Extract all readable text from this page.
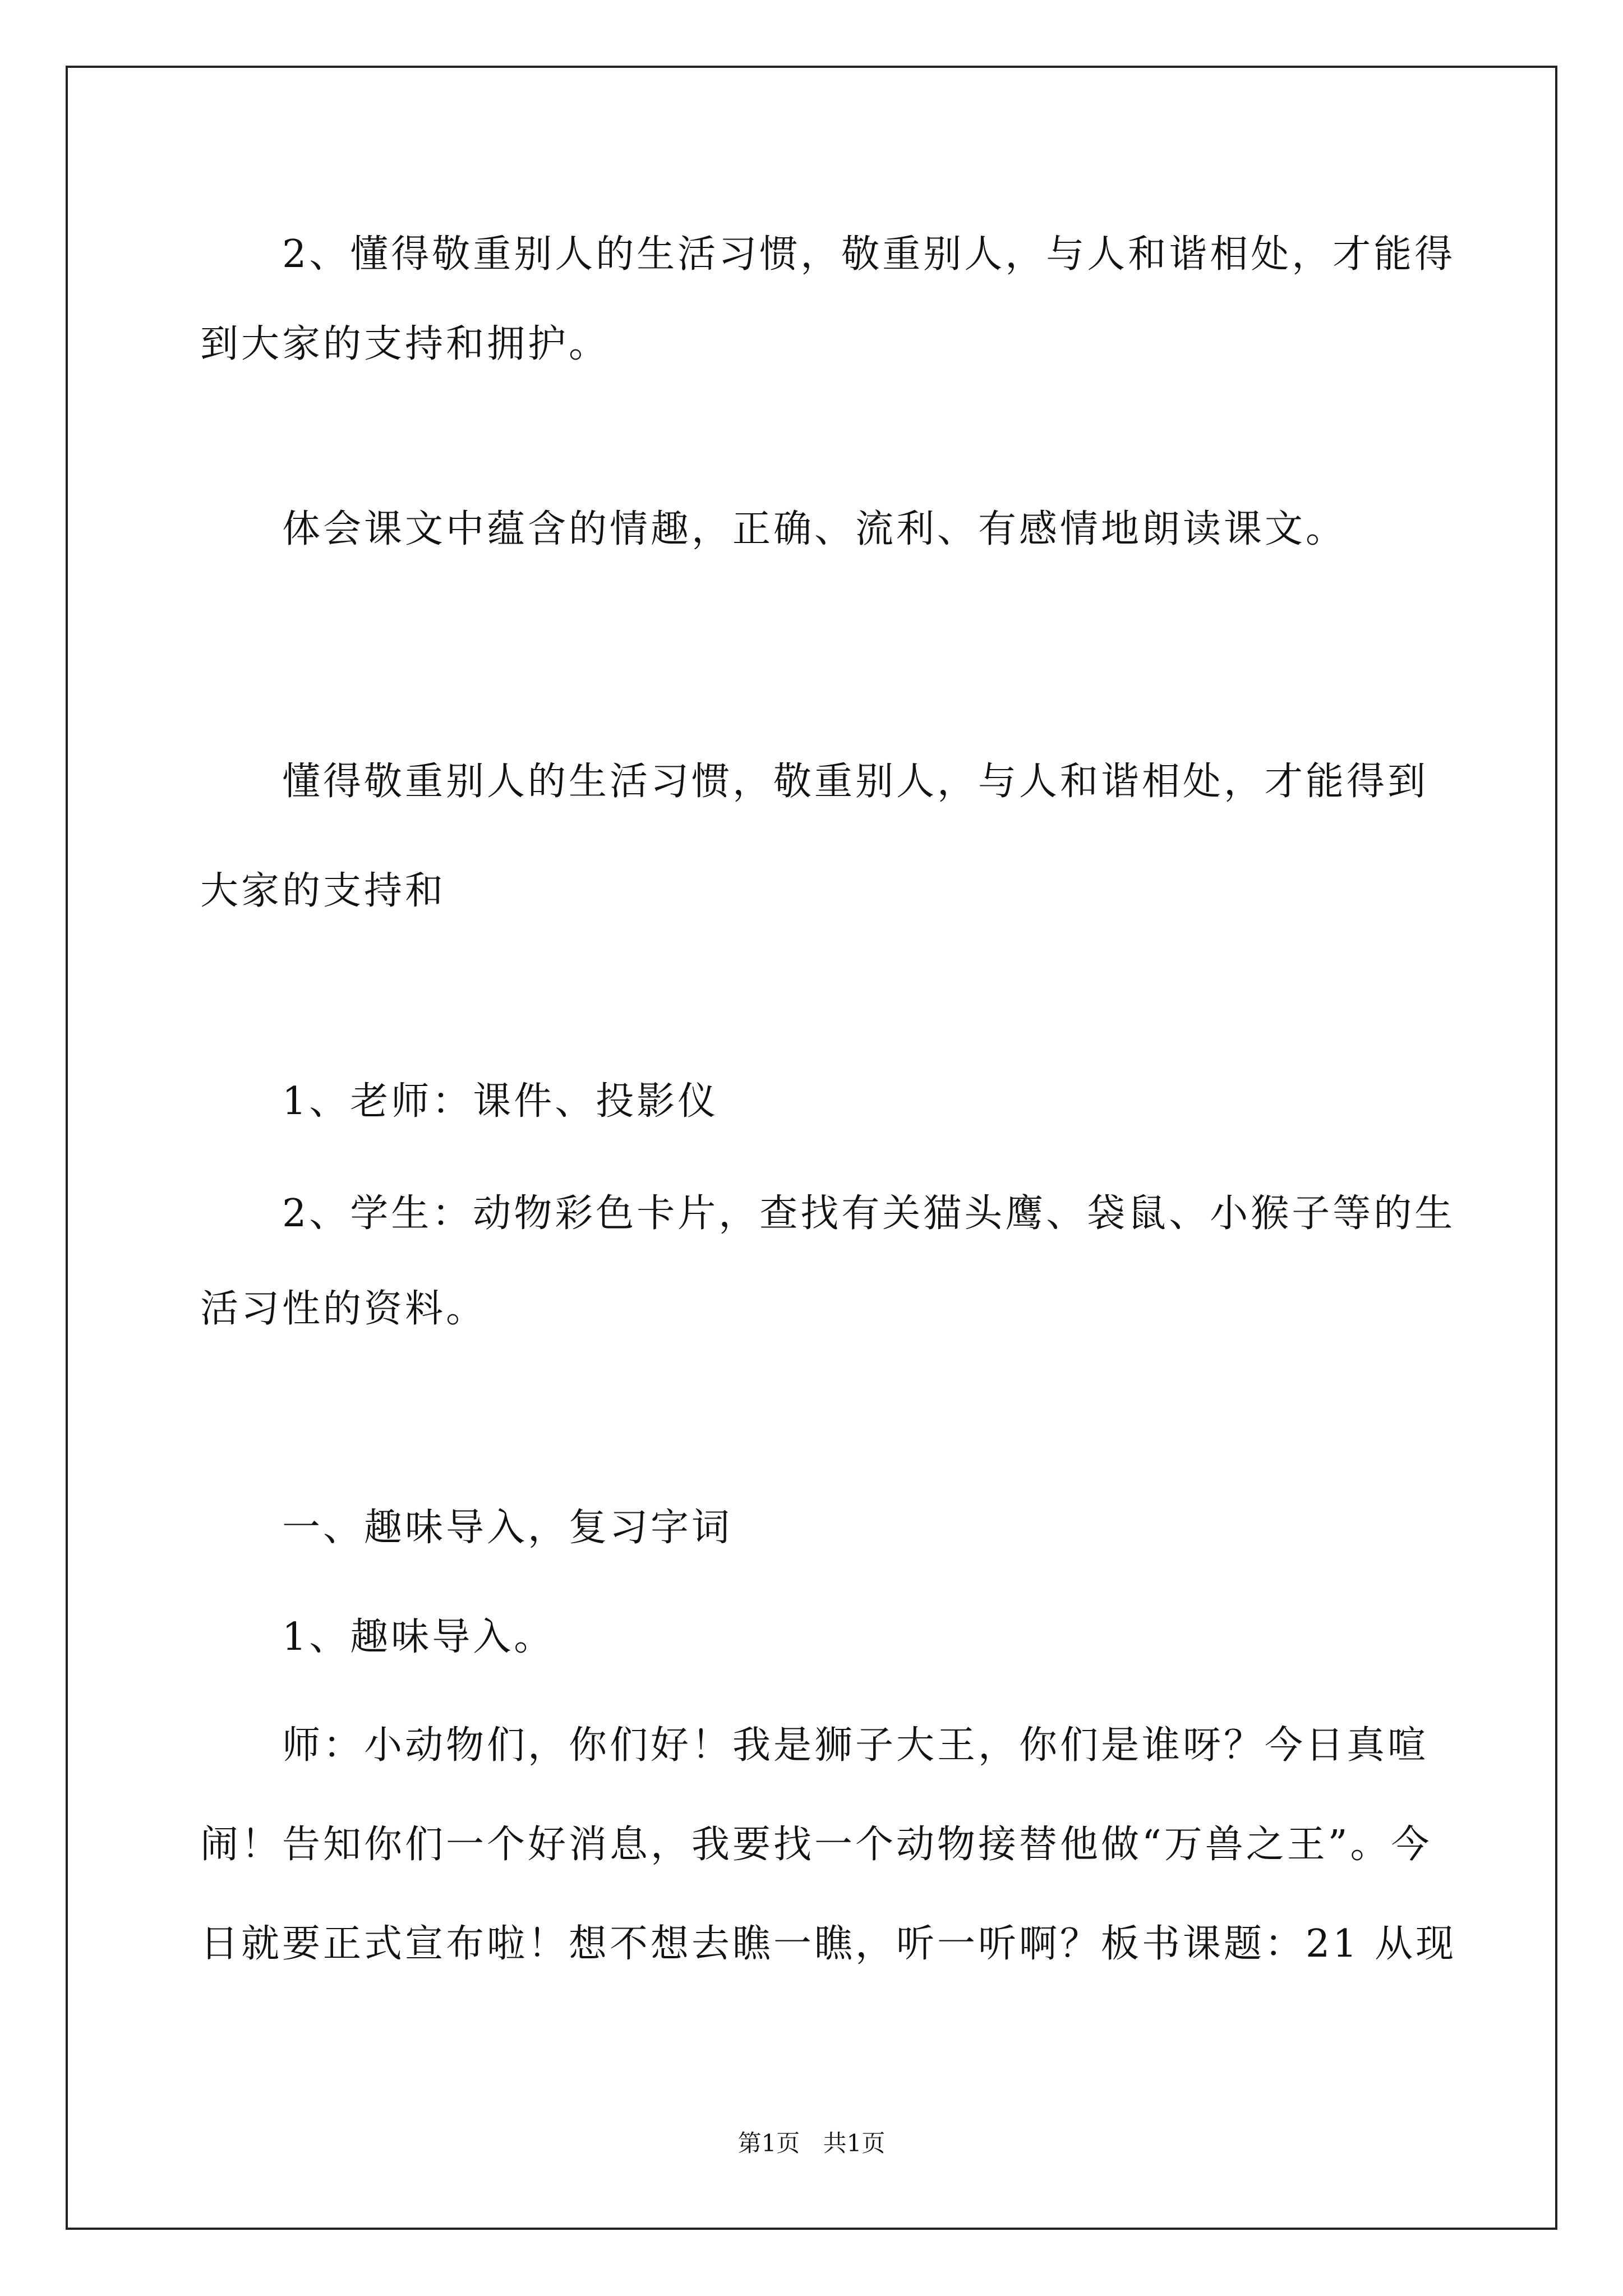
　　2、懂得敬重别人的生活习惯，敬重别人，与人和谐相处，才能得
到大家的支持和拥护。
　　体会课文中蕴含的情趣，正确、流利、有感情地朗读课文。
　　懂得敬重别人的生活习惯，敬重别人，与人和谐相处，才能得到
大家的支持和
　　1、老师：课件、投影仪
　　2、学生：动物彩色卡片，查找有关猫头鹰、袋鼠、小猴子等的生
活习性的资料。
　　一、趣味导入，复习字词
　　1、趣味导入。
　　师：小动物们，你们好！我是狮子大王，你们是谁呀？今日真喧
闹！告知你们一个好消息，我要找一个动物接替他做“万兽之王”。今
日就要正式宣布啦！想不想去瞧一瞧，听一听啊？板书课题：21 从现
第1页 共1页
